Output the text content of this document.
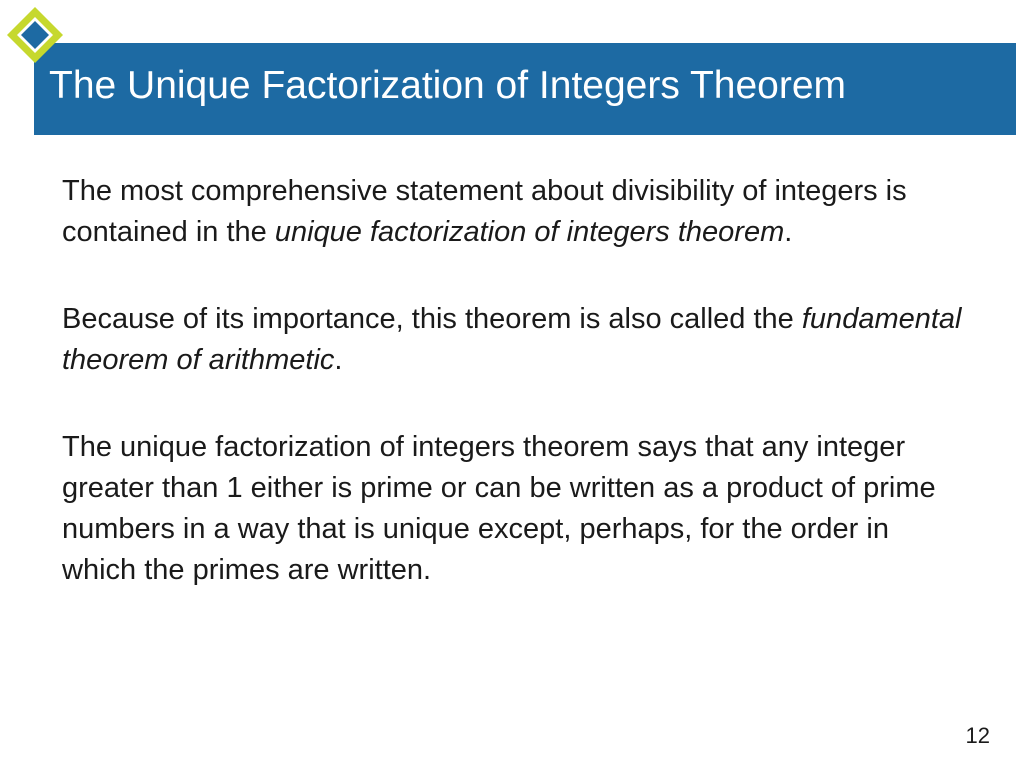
The Unique Factorization of Integers Theorem

The most comprehensive statement about divisibility of integers is contained in the unique factorization of integers theorem.

Because of its importance, this theorem is also called the fundamental theorem of arithmetic.

The unique factorization of integers theorem says that any integer greater than 1 either is prime or can be written as a product of prime numbers in a way that is unique except, perhaps, for the order in which the primes are written.

12
